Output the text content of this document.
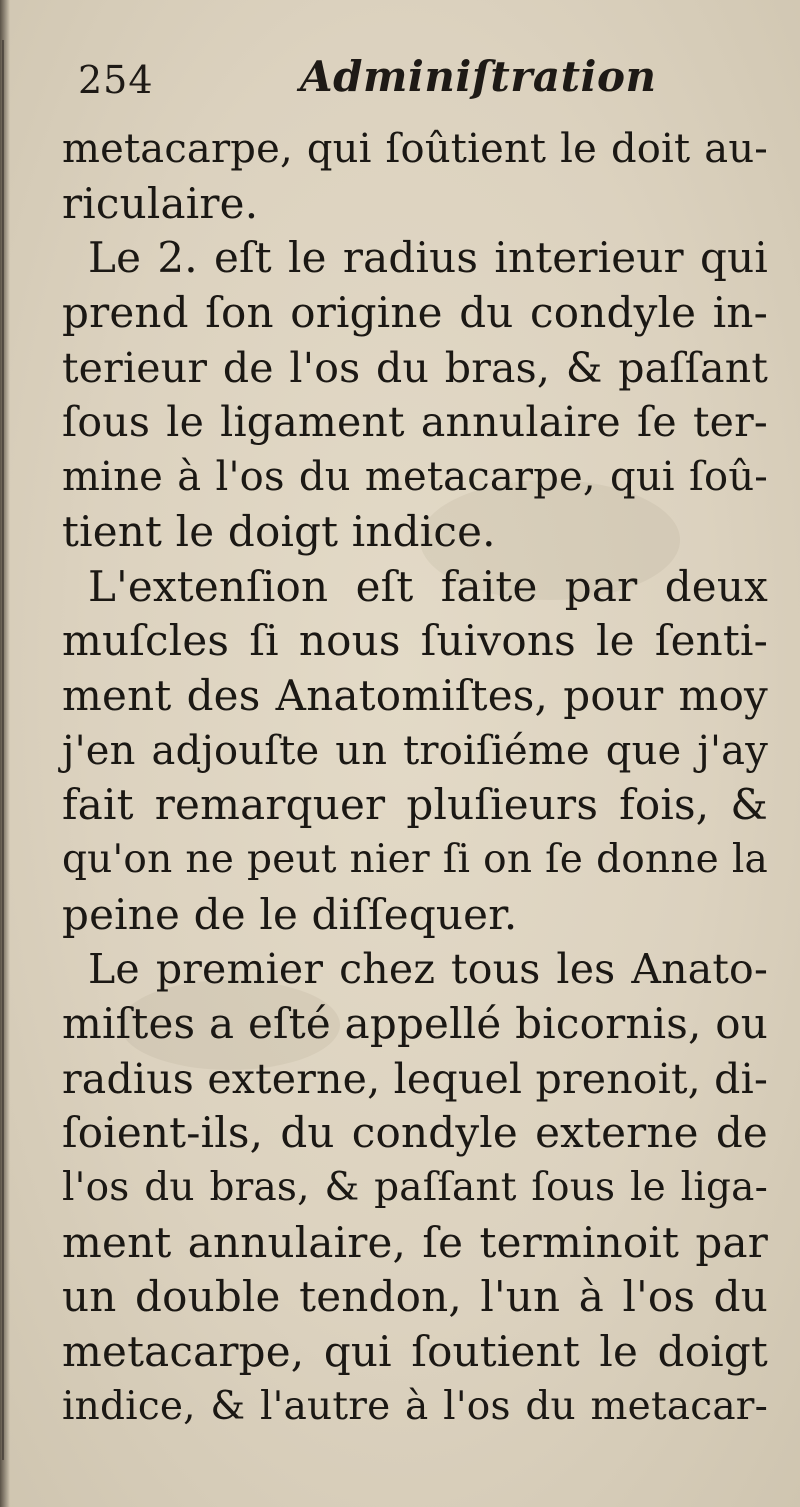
254	Adminiſtration
metacarpe, qui ſoûtient le doit au-
riculaire.
Le 2. eſt le radius interieur qui
prend ſon origine du condyle in-
terieur de l'os du bras, & paſſant
ſous le ligament annulaire ſe ter-
mine à l'os du metacarpe, qui ſoû-
tient le doigt indice.
L'extenſion eſt faite par deux
muſcles ſi nous ſuivons le ſenti-
ment des Anatomiſtes, pour moy
j'en adjouſte un troiſiéme que j'ay
fait remarquer pluſieurs fois, &
qu'on ne peut nier ſi on ſe donne la
peine de le diſſequer.
Le premier chez tous les Anato-
miſtes a eſté appellé bicornis, ou
radius externe, lequel prenoit, di-
ſoient-ils, du condyle externe de
l'os du bras, & paſſant ſous le liga-
ment annulaire, ſe terminoit par
un double tendon, l'un à l'os du
metacarpe, qui ſoutient le doigt
indice, & l'autre à l'os du metacar-
